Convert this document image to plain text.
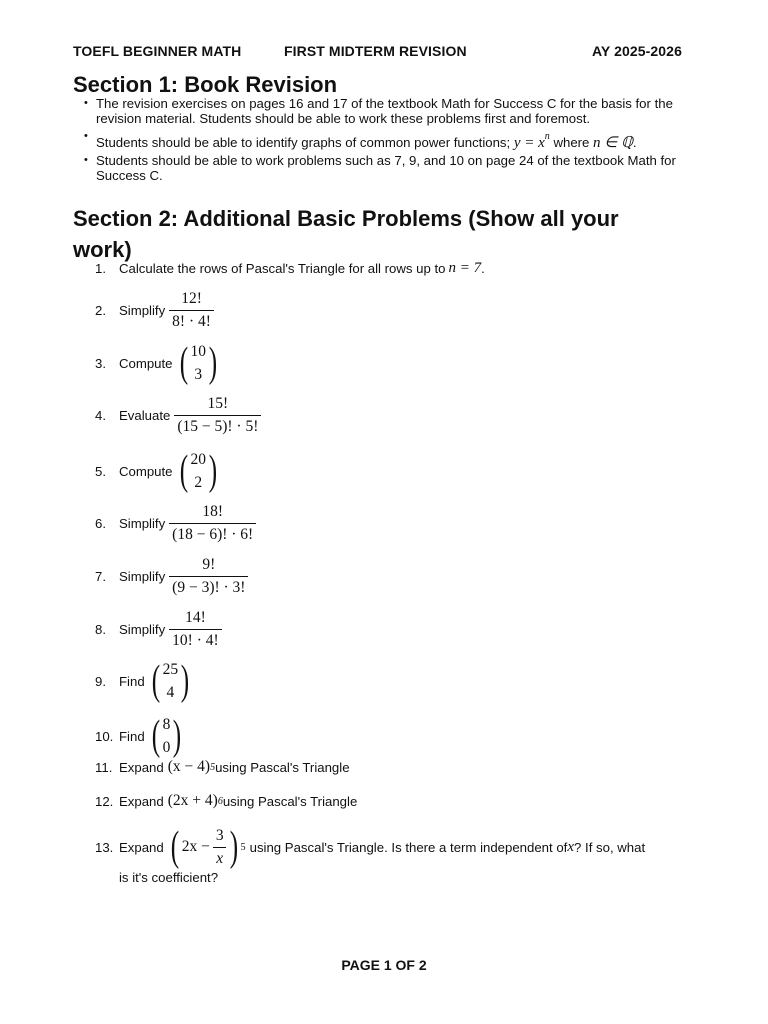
TOEFL BEGINNER MATH	FIRST MIDTERM REVISION	AY 2025-2026
Section 1: Book Revision
• The revision exercises on pages 16 and 17 of the textbook Math for Success C for the basis for the revision material. Students should be able to work these problems first and foremost.
• Students should be able to identify graphs of common power functions; $y = x^n$ where n ∈ ℚ.
• Students should be able to work problems such as 7, 9, and 10 on page 24 of the textbook Math for Success C.
Section 2: Additional Basic Problems (Show all your
work)
1. Calculate the rows of Pascal's Triangle for all rows up to n = 7 .
2. Simplify $\frac{12!}{8! \cdot 4!}$
3. Compute ( 10
3 )
4. Evaluate $\frac{15!}{(15 - 5)! \cdot 5!}$
5. Compute ( 20
2 )
6. Simplify $\frac{18!}{(18 - 6)! \cdot 6!}$
7. Simplify $\frac{9!}{(9 - 3)! \cdot 3!}$
8. Simplify $\frac{14!}{10! \cdot 4!}$
9. Find ( 25
4 )
10. Find ( 8
0 )
11. Expand (x − 4) 5 using Pascal's Triangle
12. Expand (2x + 4) 6 using Pascal's Triangle
13. Expand ( $2x - \frac{3}{x}$ ) 5 using Pascal's Triangle. Is there a term independent of x ? If so, what
is it's coefficient?
PAGE 1 OF 2
